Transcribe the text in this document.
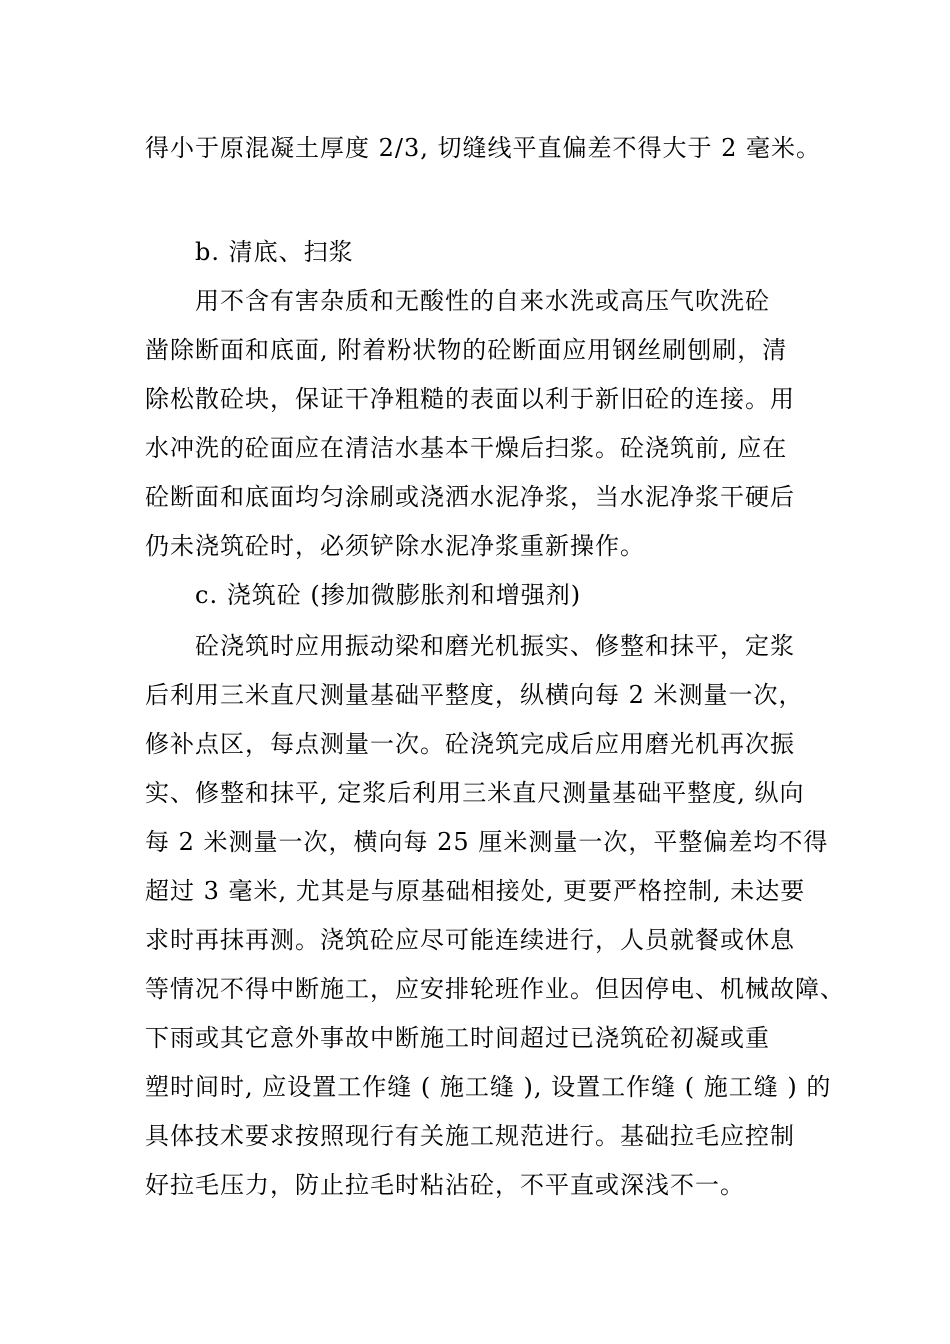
得小于原混凝土厚度 2/3, 切缝线平直偏差不得大于 2 毫米。
b. 清底、扫浆
用不含有害杂质和无酸性的自来水洗或高压气吹洗砼
凿除断面和底面, 附着粉状物的砼断面应用钢丝刷刨刷，清
除松散砼块，保证干净粗糙的表面以利于新旧砼的连接。用
水冲洗的砼面应在清洁水基本干燥后扫浆。砼浇筑前, 应在
砼断面和底面均匀涂刷或浇洒水泥净浆，当水泥净浆干硬后
仍未浇筑砼时，必须铲除水泥净浆重新操作。
c. 浇筑砼 (掺加微膨胀剂和增强剂)
砼浇筑时应用振动梁和磨光机振实、修整和抹平，定浆
后利用三米直尺测量基础平整度，纵横向每 2 米测量一次，
修补点区，每点测量一次。砼浇筑完成后应用磨光机再次振
实、修整和抹平, 定浆后利用三米直尺测量基础平整度, 纵向
每 2 米测量一次，横向每 25 厘米测量一次，平整偏差均不得
超过 3 毫米, 尤其是与原基础相接处, 更要严格控制, 未达要
求时再抹再测。浇筑砼应尽可能连续进行，人员就餐或休息
等情况不得中断施工，应安排轮班作业。但因停电、机械故障、
下雨或其它意外事故中断施工时间超过已浇筑砼初凝或重
塑时间时, 应设置工作缝 ( 施工缝 ), 设置工作缝 ( 施工缝 ) 的
具体技术要求按照现行有关施工规范进行。基础拉毛应控制
好拉毛压力，防止拉毛时粘沾砼，不平直或深浅不一。
